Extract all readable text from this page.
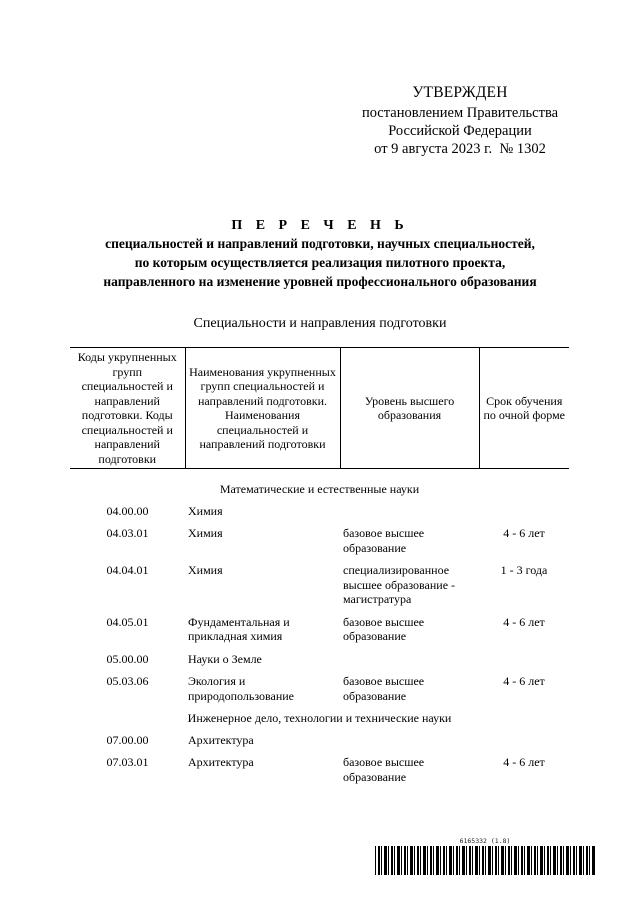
УТВЕРЖДЕН
постановлением Правительства
Российской Федерации
от 9 августа 2023 г.  № 1302
П Е Р Е Ч Е Н Ь
специальностей и направлений подготовки, научных специальностей,
по которым осуществляется реализация пилотного проекта,
направленного на изменение уровней профессионального образования
Специальности и направления подготовки
Коды укрупненных групп специальностей и направлений подготовки. Коды специальностей и направлений подготовки	Наименования укрупненных групп специальностей и направлений подготовки. Наименования специальностей и направлений подготовки	Уровень высшего образования	Срок обучения по очной форме

Математические и естественные науки			
04.00.00	Химия		
04.03.01	Химия	базовое высшее образование	4 - 6 лет
04.04.01	Химия	специализированное высшее образование - магистратура	1 - 3 года
04.05.01	Фундаментальная и прикладная химия	базовое высшее образование	4 - 6 лет
05.00.00	Науки о Земле		
05.03.06	Экология и природопользование	базовое высшее образование	4 - 6 лет
Инженерное дело, технологии и технические науки			
07.00.00	Архитектура		
07.03.01	Архитектура	базовое высшее образование	4 - 6 лет
6165332 (1.8)
